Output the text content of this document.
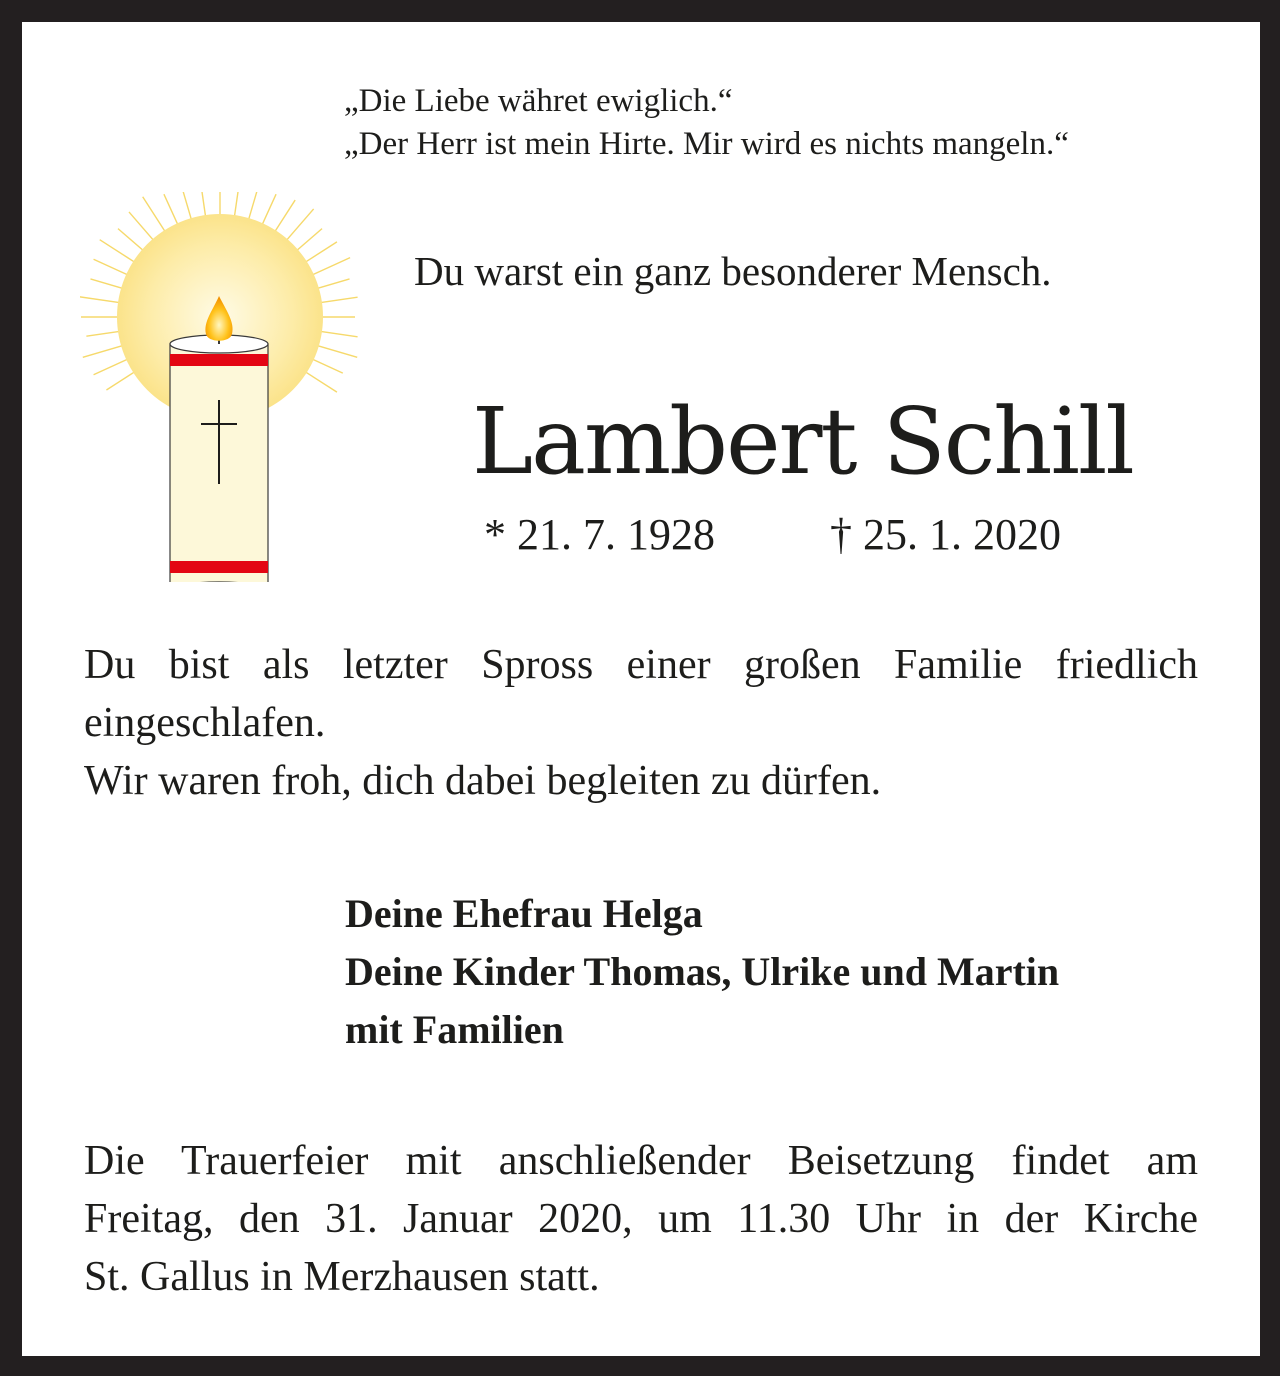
„Die Liebe währet ewiglich.“
„Der Herr ist mein Hirte. Mir wird es nichts mangeln.“
Du warst ein ganz besonderer Mensch.
Lambert Schill
* 21. 7. 1928	† 25. 1. 2020
Du bist als letzter Spross einer großen Familie friedlich
eingeschlafen.
Wir waren froh, dich dabei begleiten zu dürfen.
Deine Ehefrau Helga
Deine Kinder Thomas, Ulrike und Martin
mit Familien
Die Trauerfeier mit anschließender Beisetzung findet am
Freitag, den 31. Januar 2020, um 11.30 Uhr in der Kirche
St. Gallus in Merzhausen statt.
